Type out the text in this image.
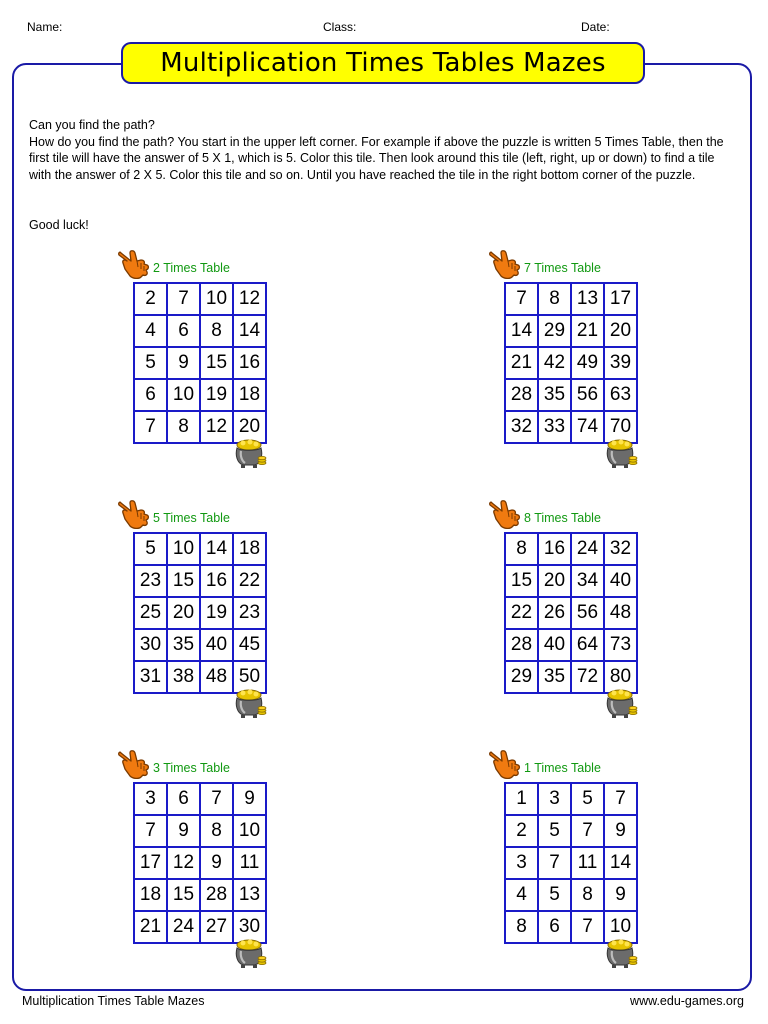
Name:	Class:	Date:
Multiplication Times Tables Mazes

Can you find the path?

How do you find the path? You start in the upper left corner. For example if above the puzzle is written 5 Times Table, then the first tile will have the answer of 5 X 1, which is 5. Color this tile. Then look around this tile (left, right, up or down) to find a tile with the answer of 2 X 5. Color this tile and so on. Until you have reached the tile in the right bottom corner of the puzzle.

Good luck!
2 Times Table
2	7	10	12
4	6	8	14
5	9	15	16
6	10	19	18
7	8	12	20
7 Times Table
7	8	13	17
14	29	21	20
21	42	49	39
28	35	56	63
32	33	74	70
5 Times Table
5	10	14	18
23	15	16	22
25	20	19	23
30	35	40	45
31	38	48	50
8 Times Table
8	16	24	32
15	20	34	40
22	26	56	48
28	40	64	73
29	35	72	80
3 Times Table
3	6	7	9
7	9	8	10
17	12	9	11
18	15	28	13
21	24	27	30
1 Times Table
1	3	5	7
2	5	7	9
3	7	11	14
4	5	8	9
8	6	7	10
Multiplication Times Table Mazes	www.edu-games.org
